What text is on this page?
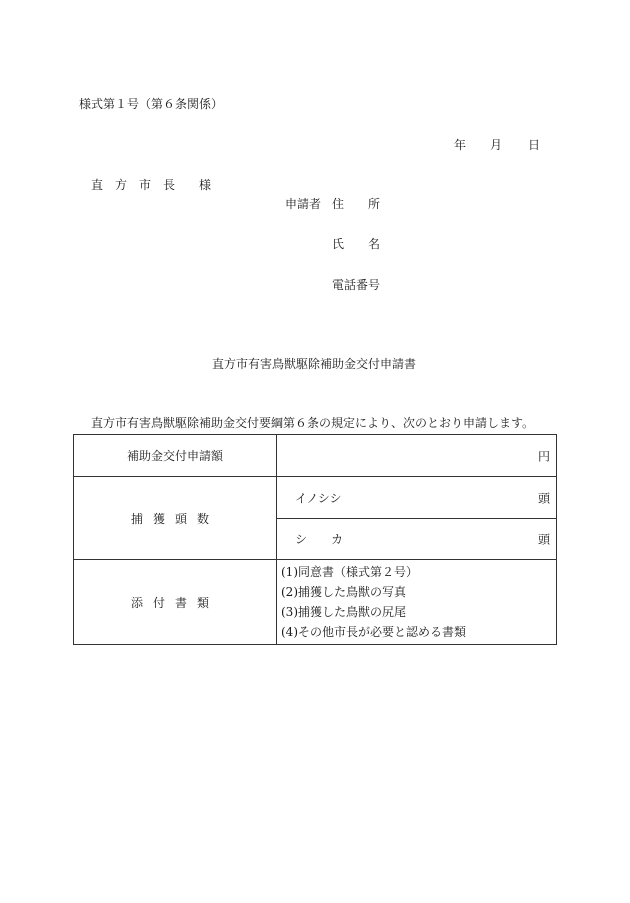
様式第１号（第６条関係）
年 月 日
直　方　市　長　　様
申請者 住　　所
氏　　名
電話番号
直方市有害鳥獣駆除補助金交付申請書
直方市有害鳥獣駆除補助金交付要綱第６条の規定により、次のとおり申請します。
補助金交付申請額	円

捕獲頭数	イノシシ 頭

	シ　　カ 頭

添付書類	(1)同意書（様式第２号）
(2)捕獲した鳥獣の写真
(3)捕獲した鳥獣の尻尾
(4)その他市長が必要と認める書類
